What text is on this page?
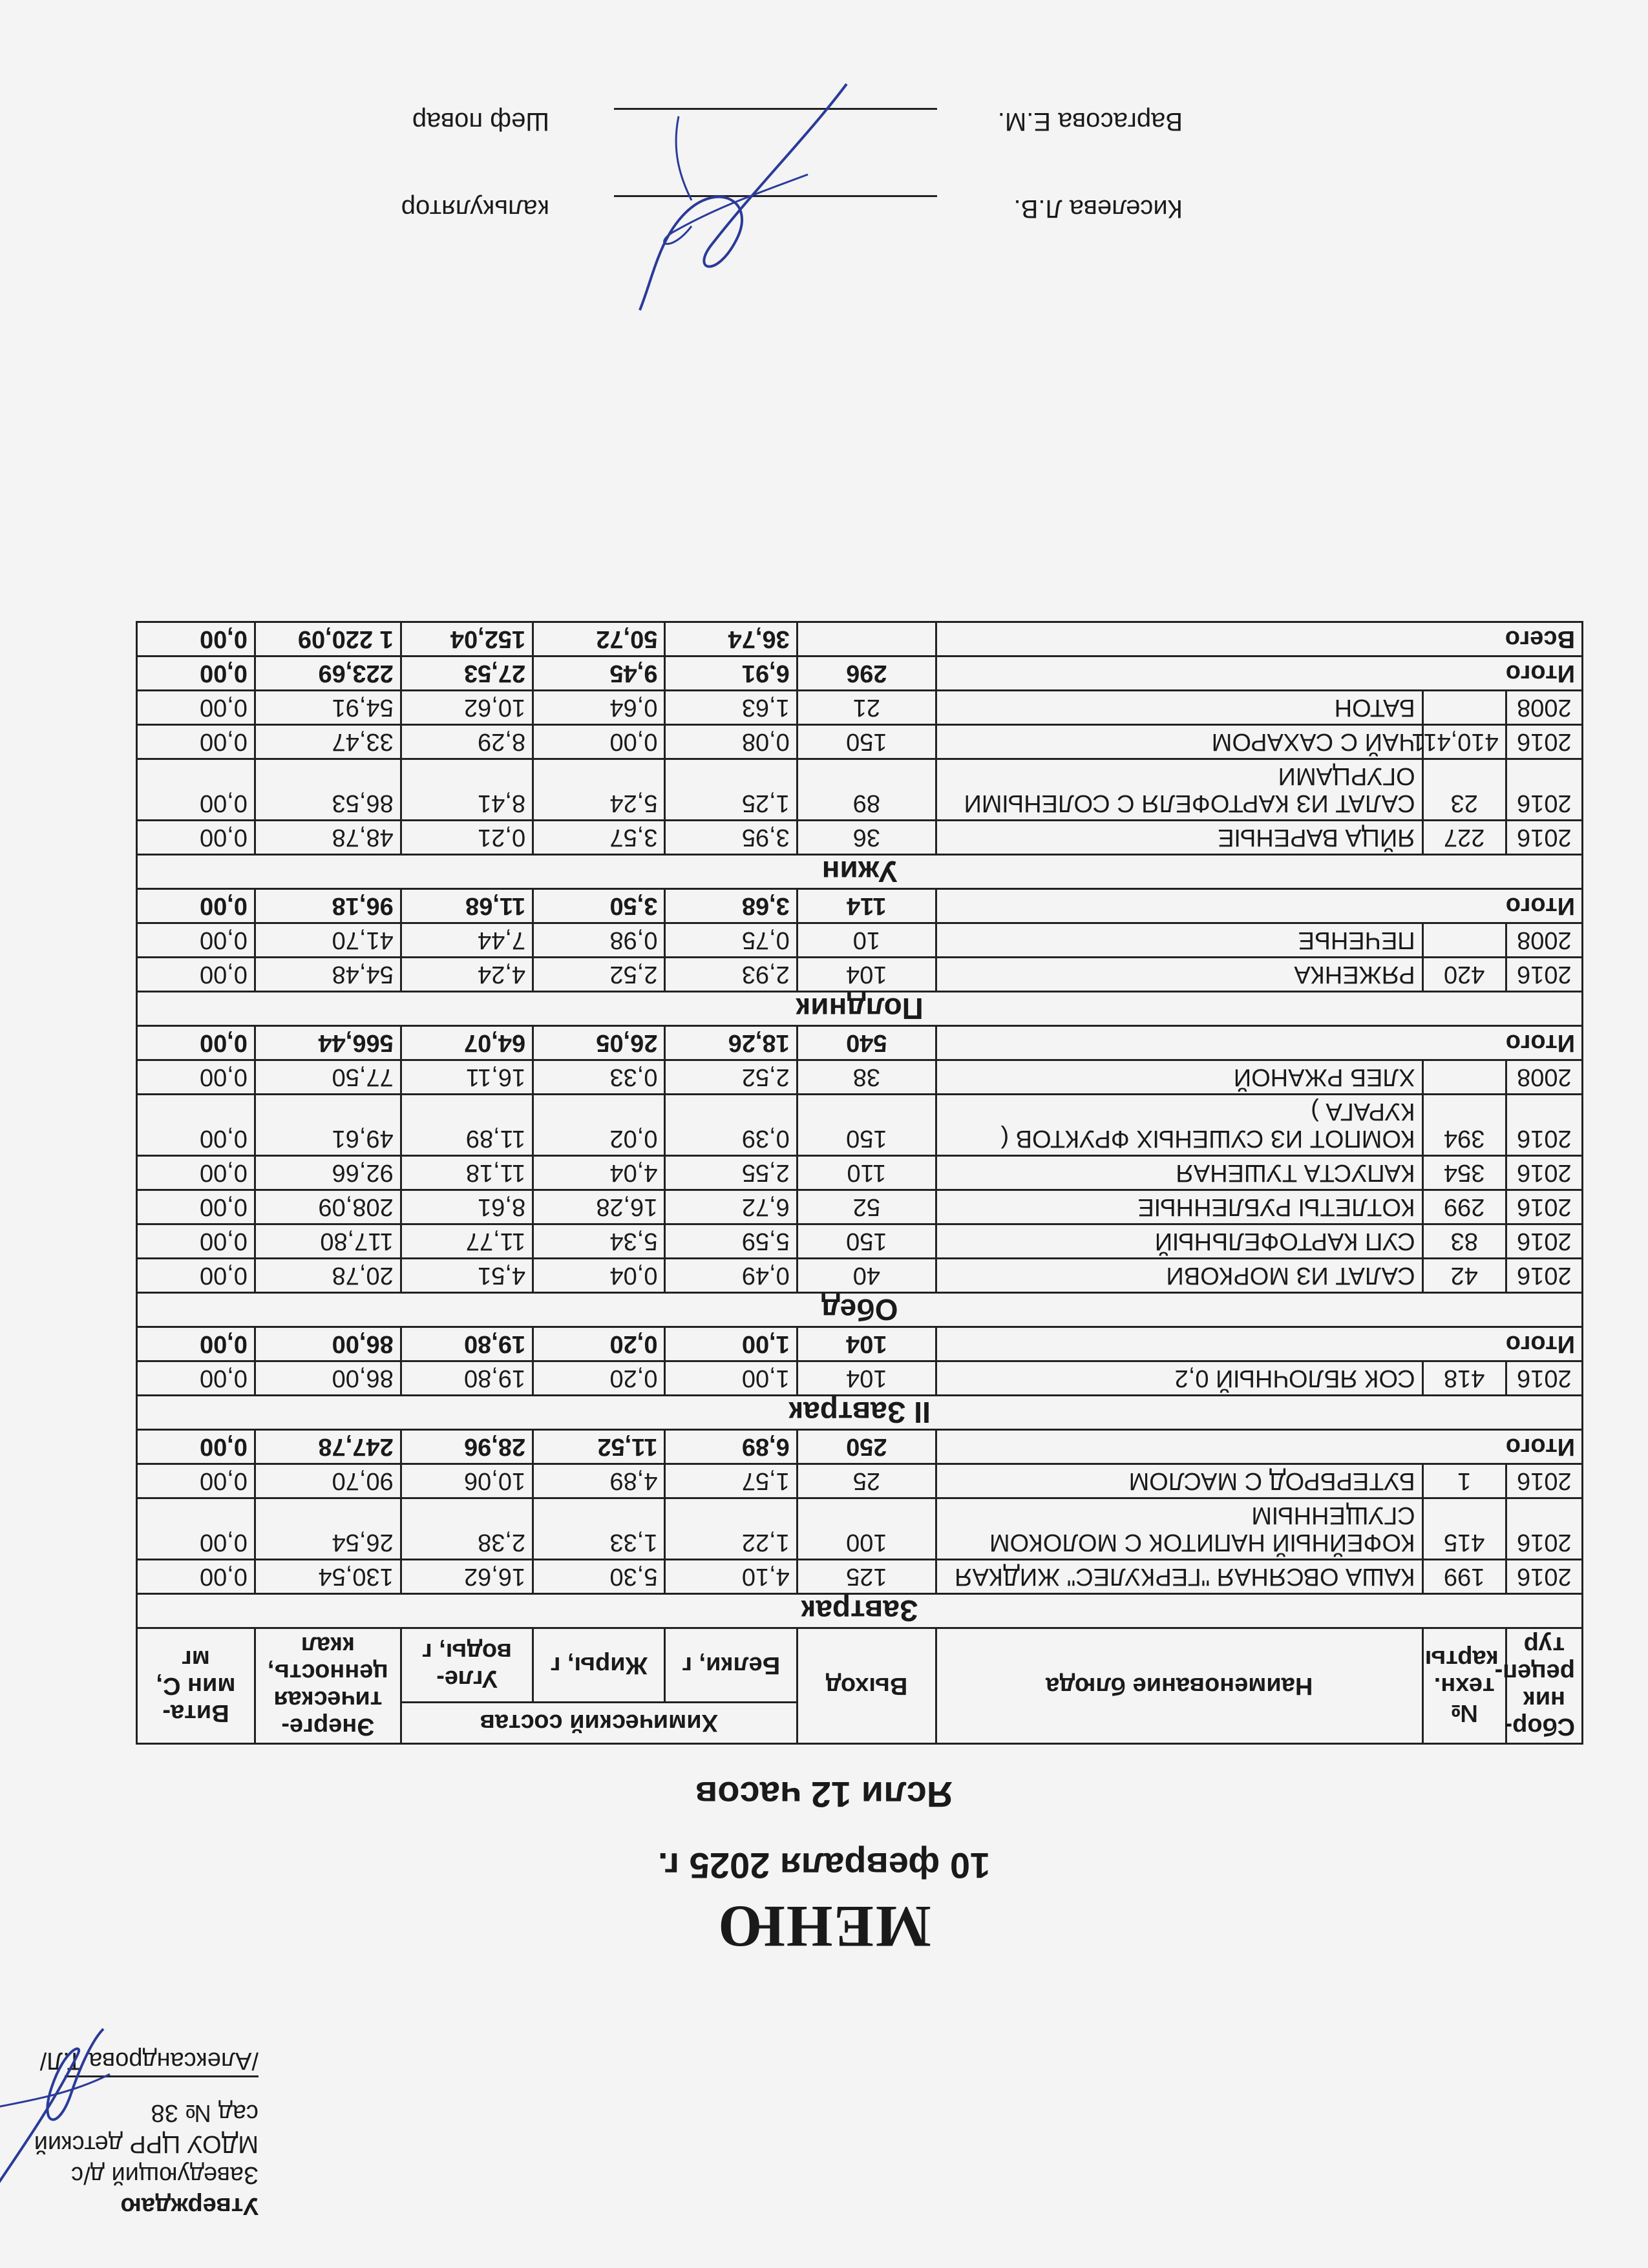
Утверждаю
Заведующий д/с
МДОУ ЦРР детский сад № 38
/Александрова Т.Л/
МЕНЮ
10 февраля 2025 г.
Ясли 12 часов
Сбор-ник рецеп-тур	№ техн. карты	Наименование блюда	Выход	Химический состав			Энерге-тическая ценность, ккал	Вита-мин С, мг
				Белки, г	Жиры, г	Угле-воды, г		
Завтрак								
2016	199	КАША ОВСЯНАЯ "ГЕРКУЛЕС" ЖИДКАЯ	125	4,10	5,30	16,62	130,54	0,00
2016	415	КОФЕЙНЫЙ НАПИТОК С МОЛОКОМ СГУЩЕННЫМ	100	1,22	1,33	2,38	26,54	0,00
2016	1	БУТЕРБРОД С МАСЛОМ	25	1,57	4,89	10,06	90,70	0,00
Итого			250	6,89	11,52	28,96	247,78	0,00
II Завтрак								
2016	418	СОК ЯБЛОЧНЫЙ 0,2	104	1,00	0,20	19,80	86,00	0,00
Итого			104	1,00	0,20	19,80	86,00	0,00
Обед								
2016	42	САЛАТ ИЗ МОРКОВИ	40	0,49	0,04	4,51	20,78	0,00
2016	83	СУП КАРТОФЕЛЬНЫЙ	150	5,59	5,34	11,77	117,80	0,00
2016	299	КОТЛЕТЫ РУБЛЕННЫЕ	52	6,72	16,28	8,61	208,09	0,00
2016	354	КАПУСТА ТУШЕНАЯ	110	2,55	4,04	11,18	92,66	0,00
2016	394	КОМПОТ ИЗ СУШЕНЫХ ФРУКТОВ ( КУРАГА )	150	0,39	0,02	11,89	49,61	0,00
2008		ХЛЕБ РЖАНОЙ	38	2,52	0,33	16,11	77,50	0,00
Итого			540	18,26	26,05	64,07	566,44	0,00
Полдник								
2016	420	РЯЖЕНКА	104	2,93	2,52	4,24	54,48	0,00
2008		ПЕЧЕНЬЕ	10	0,75	0,98	7,44	41,70	0,00
Итого			114	3,68	3,50	11,68	96,18	0,00
Ужин								
2016	227	ЯЙЦА ВАРЕНЫЕ	36	3,95	3,57	0,21	48,78	0,00
2016	23	САЛАТ ИЗ КАРТОФЕЛЯ С СОЛЕНЫМИ ОГУРЦАМИ	89	1,25	5,24	8,41	86,53	0,00
2016	410,411	ЧАЙ С САХАРОМ	150	0,08	0,00	8,29	33,47	0,00
2008		БАТОН	21	1,63	0,64	10,62	54,91	0,00
Итого			296	6,91	9,45	27,53	223,69	0,00
Всего				36,74	50,72	152,04	1 220,09	0,00
калькулятор
Шеф повар
Киселева Л.В.
Варгасова Е.М.
